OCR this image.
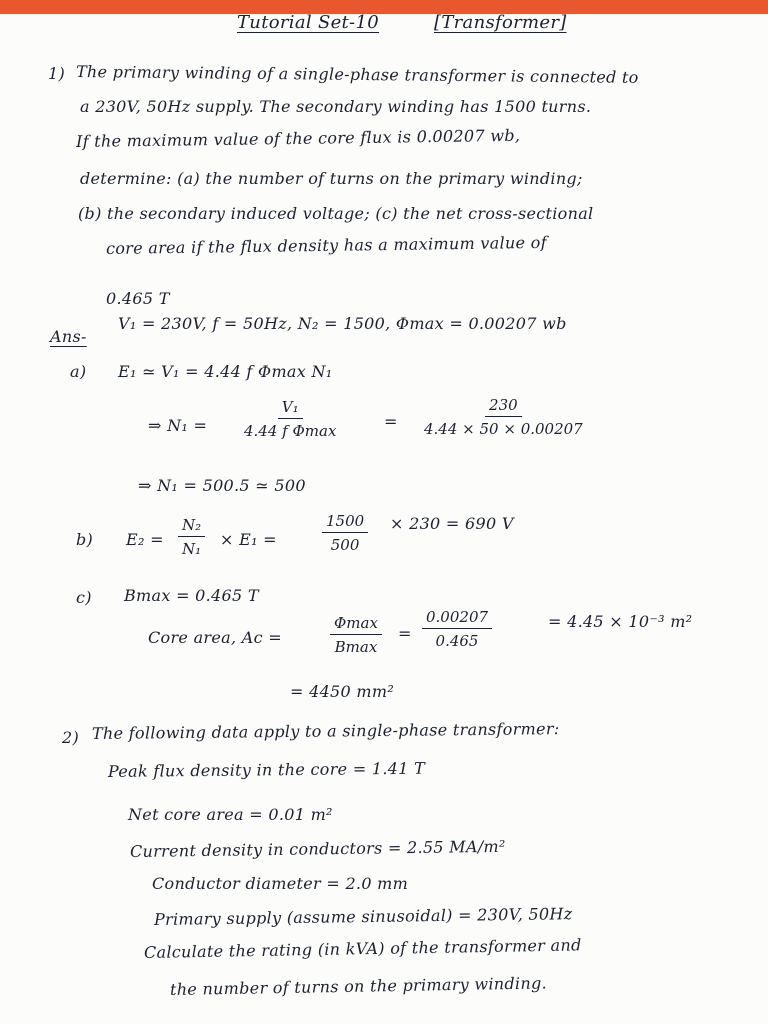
Tutorial Set-10	[Transformer]
1) The primary winding of a single-phase transformer is connected to
a 230V, 50Hz supply. The secondary winding has 1500 turns.
If the maximum value of the core flux is 0.00207 wb,
determine: (a) the number of turns on the primary winding;
(b) the secondary induced voltage; (c) the net cross-sectional
core area if the flux density has a maximum value of
0.465 T
Ans-
V₁ = 230V, f = 50Hz, N₂ = 1500, Φmax = 0.00207 wb
a) E₁ ≃ V₁ = 4.44 f Φmax N₁
⇒ N₁ =
V₁
4.44 f Φmax	= $\frac{230}{4.44 \times 50 \times 0.00207}$
⇒ N₁ = 500.5 ≃ 500
b) $E_2 = \frac{\text{N₂}}{\text{N₁}} \times E_1$ =	$\frac{1500}{500} \times 230 = 690$ V
c) Bmax = 0.465 T
Core area, Ac =
Φmax
Bmax
= $\frac{0.00207}{0.465}$	= 4.45 × 10⁻³ m²
= 4450 mm²
2) The following data apply to a single-phase transformer:
Peak flux density in the core = 1.41 T
Net core area = 0.01 m²
Current density in conductors = 2.55 MA/m²
Conductor diameter = 2.0 mm
Primary supply (assume sinusoidal) = 230V, 50Hz
Calculate the rating (in kVA) of the transformer and
the number of turns on the primary winding.
